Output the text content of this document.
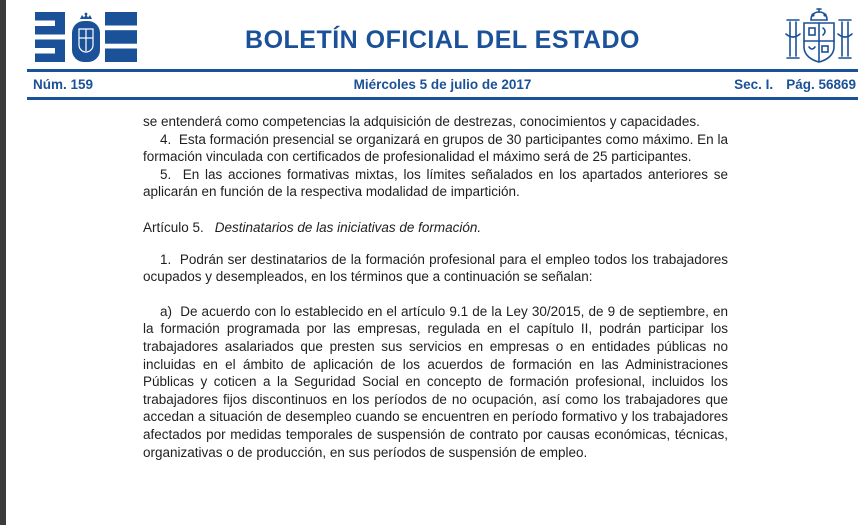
BOLETÍN OFICIAL DEL ESTADO
Núm. 159	Miércoles 5 de julio de 2017	Sec. I. Pág. 56869

se entenderá como competencias la adquisición de destrezas, conocimientos y capacidades.

4.  Esta formación presencial se organizará en grupos de 30 participantes como máximo. En la formación vinculada con certificados de profesionalidad el máximo será de 25 participantes.

5.  En las acciones formativas mixtas, los límites señalados en los apartados anteriores se aplicarán en función de la respectiva modalidad de impartición.

Artículo 5. Destinatarios de las iniciativas de formación.

1.  Podrán ser destinatarios de la formación profesional para el empleo todos los trabajadores ocupados y desempleados, en los términos que a continuación se señalan:

a)  De acuerdo con lo establecido en el artículo 9.1 de la Ley 30/2015, de 9 de septiembre, en la formación programada por las empresas, regulada en el capítulo II, podrán participar los trabajadores asalariados que presten sus servicios en empresas o en entidades públicas no incluidas en el ámbito de aplicación de los acuerdos de formación en las Administraciones Públicas y coticen a la Seguridad Social en concepto de formación profesional, incluidos los trabajadores fijos discontinuos en los períodos de no ocupación, así como los trabajadores que accedan a situación de desempleo cuando se encuentren en período formativo y los trabajadores afectados por medidas temporales de suspensión de contrato por causas económicas, técnicas, organizativas o de producción, en sus períodos de suspensión de empleo.
